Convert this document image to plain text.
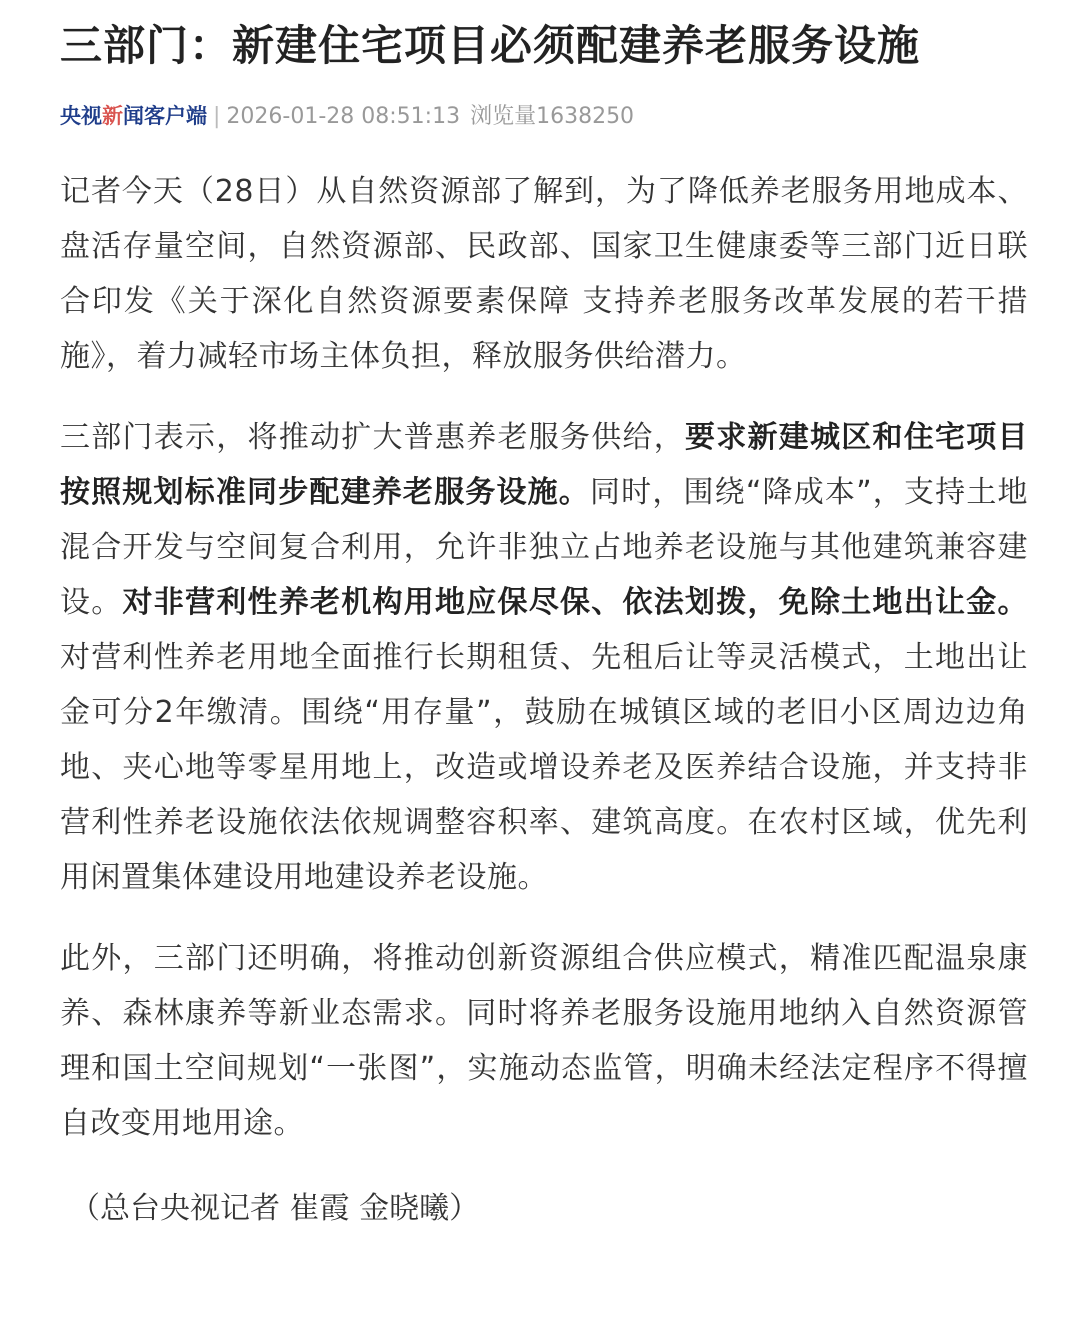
三部门：新建住宅项目必须配建养老服务设施
央视新闻客户端 | 2026-01-28 08:51:13 浏览量1638250

记者今天（28日）从自然资源部了解到，为了降低养老服务用地成本、盘活存量空间，自然资源部、民政部、国家卫生健康委等三部门近日联合印发《关于深化自然资源要素保障 支持养老服务改革发展的若干措施》，着力减轻市场主体负担，释放服务供给潜力。

三部门表示，将推动扩大普惠养老服务供给，要求新建城区和住宅项目按照规划标准同步配建养老服务设施。同时，围绕“降成本”，支持土地混合开发与空间复合利用，允许非独立占地养老设施与其他建筑兼容建设。对非营利性养老机构用地应保尽保、依法划拨，免除土地出让金。对营利性养老用地全面推行长期租赁、先租后让等灵活模式，土地出让金可分2年缴清。围绕“用存量”，鼓励在城镇区域的老旧小区周边边角地、夹心地等零星用地上，改造或增设养老及医养结合设施，并支持非营利性养老设施依法依规调整容积率、建筑高度。在农村区域，优先利用闲置集体建设用地建设养老设施。

此外，三部门还明确，将推动创新资源组合供应模式，精准匹配温泉康养、森林康养等新业态需求。同时将养老服务设施用地纳入自然资源管理和国土空间规划“一张图”，实施动态监管，明确未经法定程序不得擅自改变用地用途。

（总台央视记者 崔霞 金晓曦）
